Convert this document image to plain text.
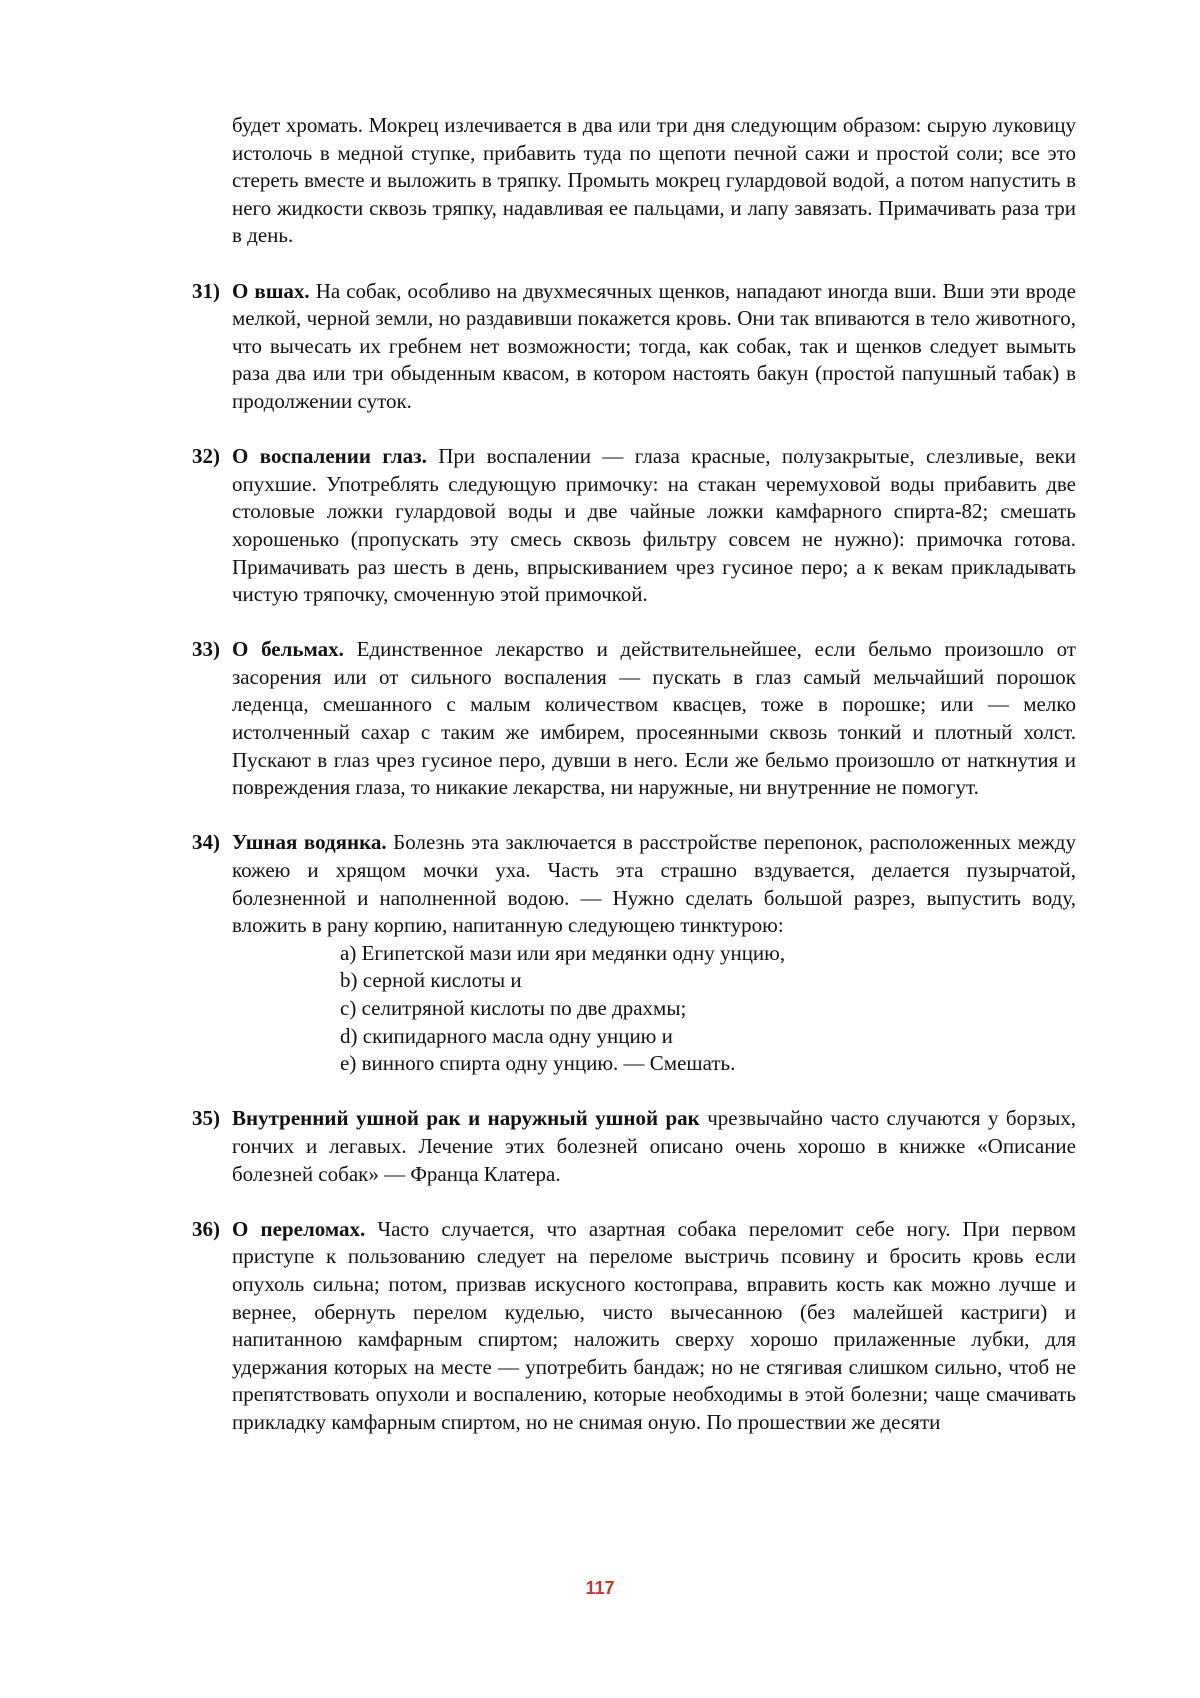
будет хромать. Мокрец излечивается в два или три дня следующим образом: сырую луковицу истолочь в медной ступке, прибавить туда по щепоти печной сажи и простой соли; все это стереть вместе и выложить в тряпку. Промыть мокрец гулардовой водой, а потом напустить в него жидкости сквозь тряпку, надавливая ее пальцами, и лапу завязать. Примачивать раза три в день.

31) О вшах. На собак, особливо на двухмесячных щенков, нападают иногда вши. Вши эти вроде мелкой, черной земли, но раздавивши покажется кровь. Они так впиваются в тело животного, что вычесать их гребнем нет возможности; тогда, как собак, так и щенков следует вымыть раза два или три обыденным квасом, в котором настоять бакун (простой папушный табак) в продолжении суток.
32) О воспалении глаз. При воспалении — глаза красные, полузакрытые, слезливые, веки опухшие. Употреблять следующую примочку: на стакан черемуховой воды прибавить две столовые ложки гулардовой воды и две чайные ложки камфарного спирта-82; смешать хорошенько (пропускать эту смесь сквозь фильтру совсем не нужно): примочка готова. Примачивать раз шесть в день, впрыскиванием чрез гусиное перо; а к векам прикладывать чистую тряпочку, смоченную этой примочкой.
33) О бельмах. Единственное лекарство и действительнейшее, если бельмо произошло от засорения или от сильного воспаления — пускать в глаз самый мельчайший порошок леденца, смешанного с малым количеством квасцев, тоже в порошке; или — мелко истолченный сахар с таким же имбирем, просеянными сквозь тонкий и плотный холст. Пускают в глаз чрез гусиное перо, дувши в него. Если же бельмо произошло от наткнутия и повреждения глаза, то никакие лекарства, ни наружные, ни внутренние не помогут.
34) Ушная водянка. Болезнь эта заключается в расстройстве перепонок, расположенных между кожею и хрящом мочки уха. Часть эта страшно вздувается, делается пузырчатой, болезненной и наполненной водою. — Нужно сделать большой разрез, выпустить воду, вложить в рану корпию, напитанную следующею тинктурою:
a) Египетской мази или яри медянки одну унцию,
b) серной кислоты и
c) селитряной кислоты по две драхмы;
d) скипидарного масла одну унцию и
e) винного спирта одну унцию. — Смешать.
35) Внутренний ушной рак и наружный ушной рак чрезвычайно часто случаются у борзых, гончих и легавых. Лечение этих болезней описано очень хорошо в книжке «Описание болезней собак» — Франца Клатера.
36) О переломах. Часто случается, что азартная собака переломит себе ногу. При первом приступе к пользованию следует на переломе выстричь псовину и бросить кровь если опухоль сильна; потом, призвав искусного костоправа, вправить кость как можно лучше и вернее, обернуть перелом куделью, чисто вычесанною (без малейшей кастриги) и напитанною камфарным спиртом; наложить сверху хорошо прилаженные лубки, для удержания которых на месте — употребить бандаж; но не стягивая слишком сильно, чтоб не препятствовать опухоли и воспалению, которые необходимы в этой болезни; чаще смачивать прикладку камфарным спиртом, но не снимая оную. По прошествии же десяти
117
